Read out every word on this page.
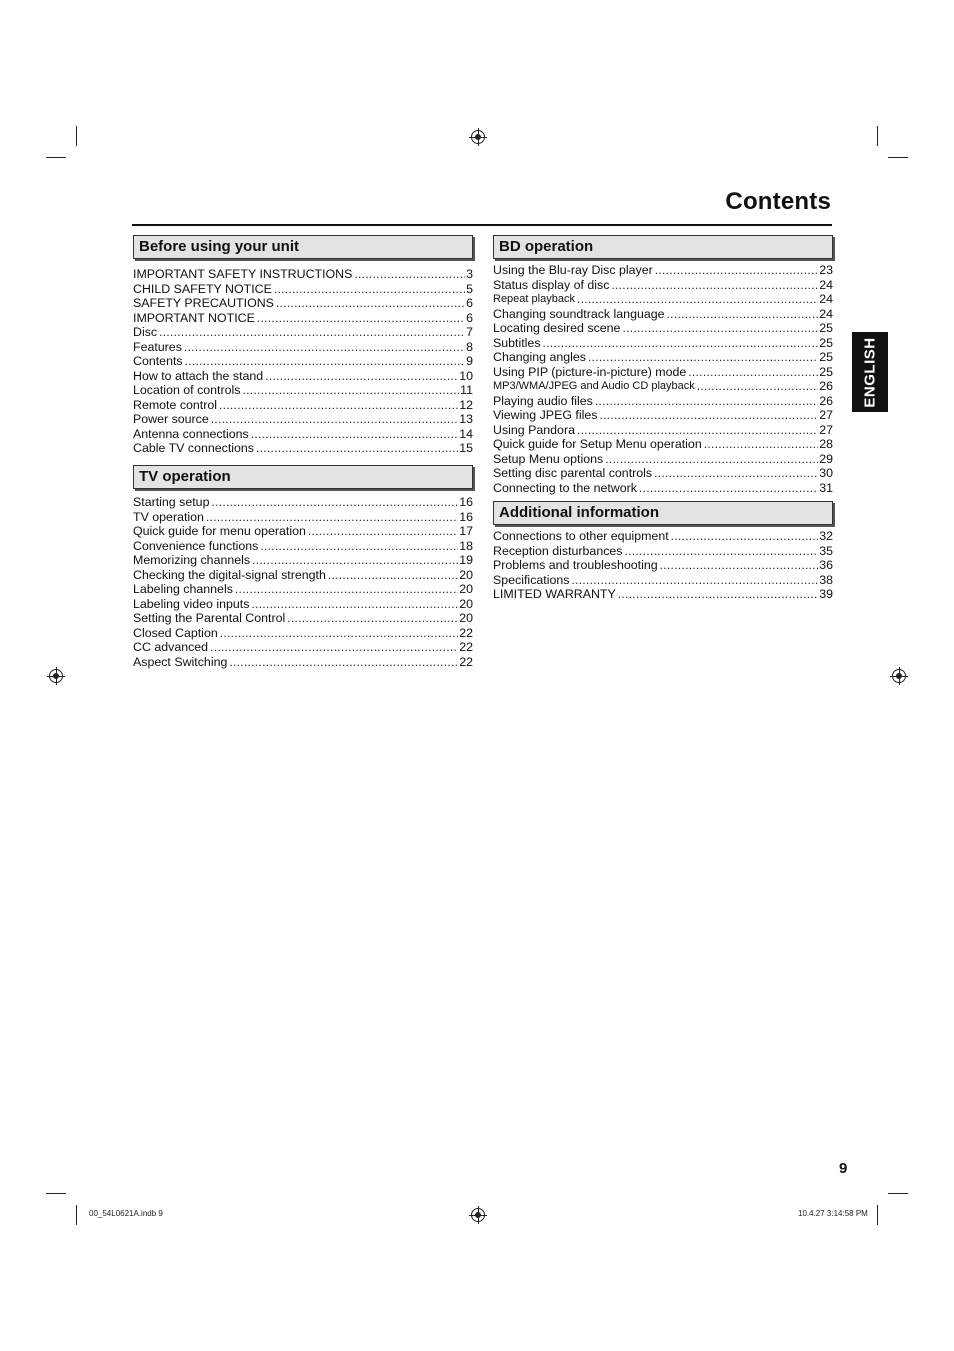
Contents
ENGLISH
Before using your unit
IMPORTANT SAFETY INSTRUCTIONS .....	3
CHILD SAFETY NOTICE .....	5
SAFETY PRECAUTIONS .....	6
IMPORTANT NOTICE .....	6
Disc .....	7
Features .....	8
Contents .....	9
How to attach the stand .....	10
Location of controls .....	11
Remote control .....	12
Power source .....	13
Antenna connections .....	14
Cable TV connections .....	15
TV operation
Starting setup .....	16
TV operation .....	16
Quick guide for menu operation .....	17
Convenience functions .....	18
Memorizing channels .....	19
Checking the digital-signal strength .....	20
Labeling channels .....	20
Labeling video inputs .....	20
Setting the Parental Control .....	20
Closed Caption .....	22
CC advanced .....	22
Aspect Switching .....	22
BD operation
Using the Blu-ray Disc player .....	23
Status display of disc .....	24
Repeat playback .....	24
Changing soundtrack language .....	24
Locating desired scene .....	25
Subtitles .....	25
Changing angles .....	25
Using PIP (picture-in-picture) mode .....	25
MP3/WMA/JPEG and Audio CD playback .....	26
Playing audio files .....	26
Viewing JPEG files .....	27
Using Pandora .....	27
Quick guide for Setup Menu operation .....	28
Setup Menu options .....	29
Setting disc parental controls .....	30
Connecting to the network .....	31
Additional information
Connections to other equipment .....	32
Reception disturbances .....	35
Problems and troubleshooting .....	36
Specifications .....	38
LIMITED WARRANTY .....	39
9
00_54L0621A.indb 9	10.4.27 3:14:58 PM
